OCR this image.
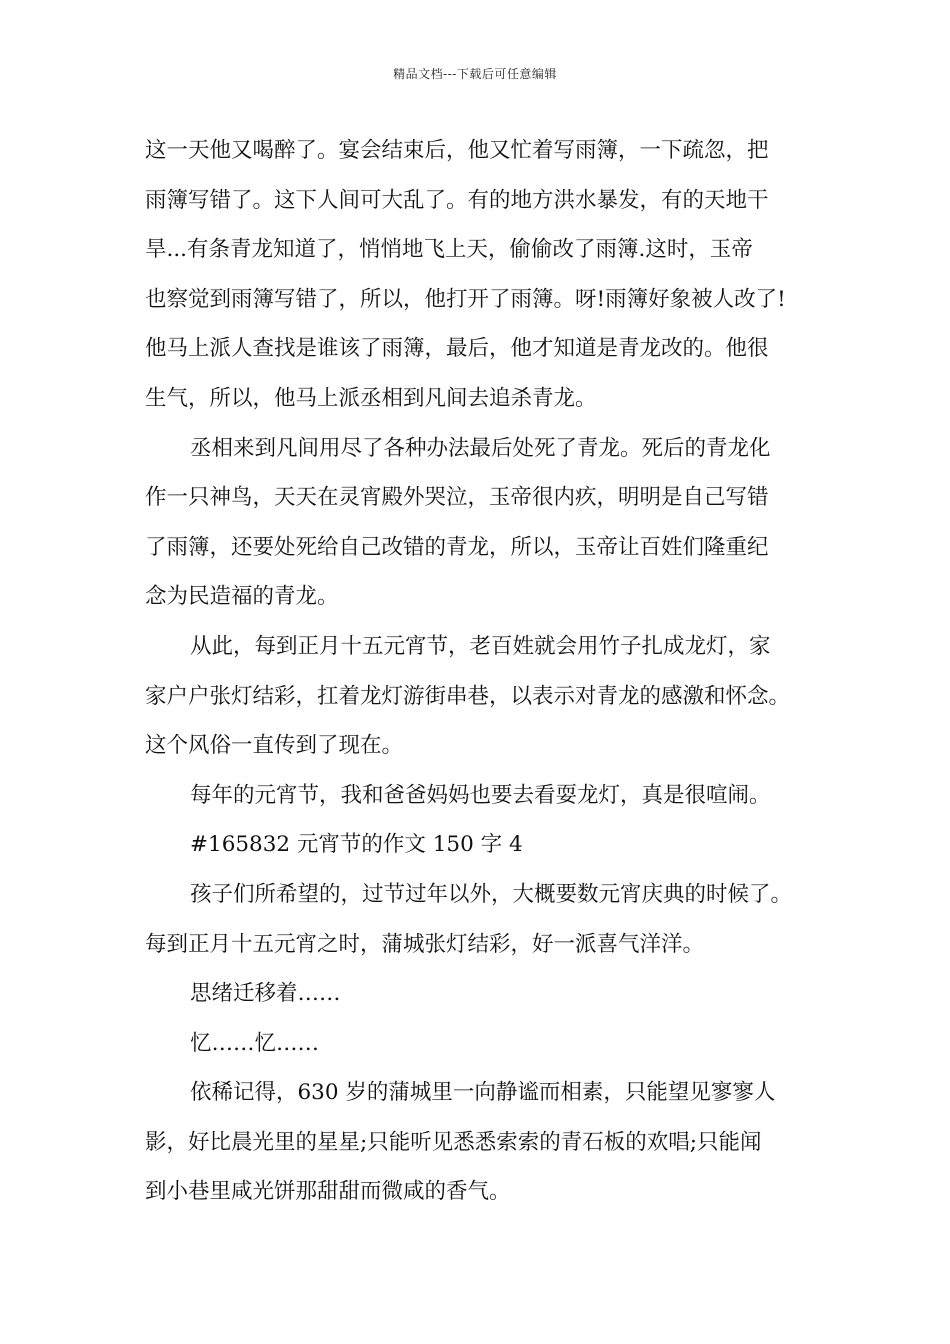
精品文档---下载后可任意编辑
这一天他又喝醉了。宴会结束后，他又忙着写雨簿，一下疏忽，把
雨簿写错了。这下人间可大乱了。有的地方洪水暴发，有的天地干
旱...有条青龙知道了，悄悄地飞上天，偷偷改了雨簿.这时，玉帝
也察觉到雨簿写错了，所以，他打开了雨簿。呀!雨簿好象被人改了!
他马上派人查找是谁该了雨簿，最后，他才知道是青龙改的。他很
生气，所以，他马上派丞相到凡间去追杀青龙。
丞相来到凡间用尽了各种办法最后处死了青龙。死后的青龙化
作一只神鸟，天天在灵宵殿外哭泣，玉帝很内疚，明明是自己写错
了雨簿，还要处死给自己改错的青龙，所以，玉帝让百姓们隆重纪
念为民造福的青龙。
从此，每到正月十五元宵节，老百姓就会用竹子扎成龙灯，家
家户户张灯结彩，扛着龙灯游街串巷，以表示对青龙的感激和怀念。
这个风俗一直传到了现在。
每年的元宵节，我和爸爸妈妈也要去看耍龙灯，真是很喧闹。
#165832 元宵节的作文 150 字 4
孩子们所希望的，过节过年以外，大概要数元宵庆典的时候了。
每到正月十五元宵之时，蒲城张灯结彩，好一派喜气洋洋。
思绪迁移着……
忆……忆……
依稀记得，630 岁的蒲城里一向静谧而相素，只能望见寥寥人
影，好比晨光里的星星;只能听见悉悉索索的青石板的欢唱;只能闻
到小巷里咸光饼那甜甜而微咸的香气。
